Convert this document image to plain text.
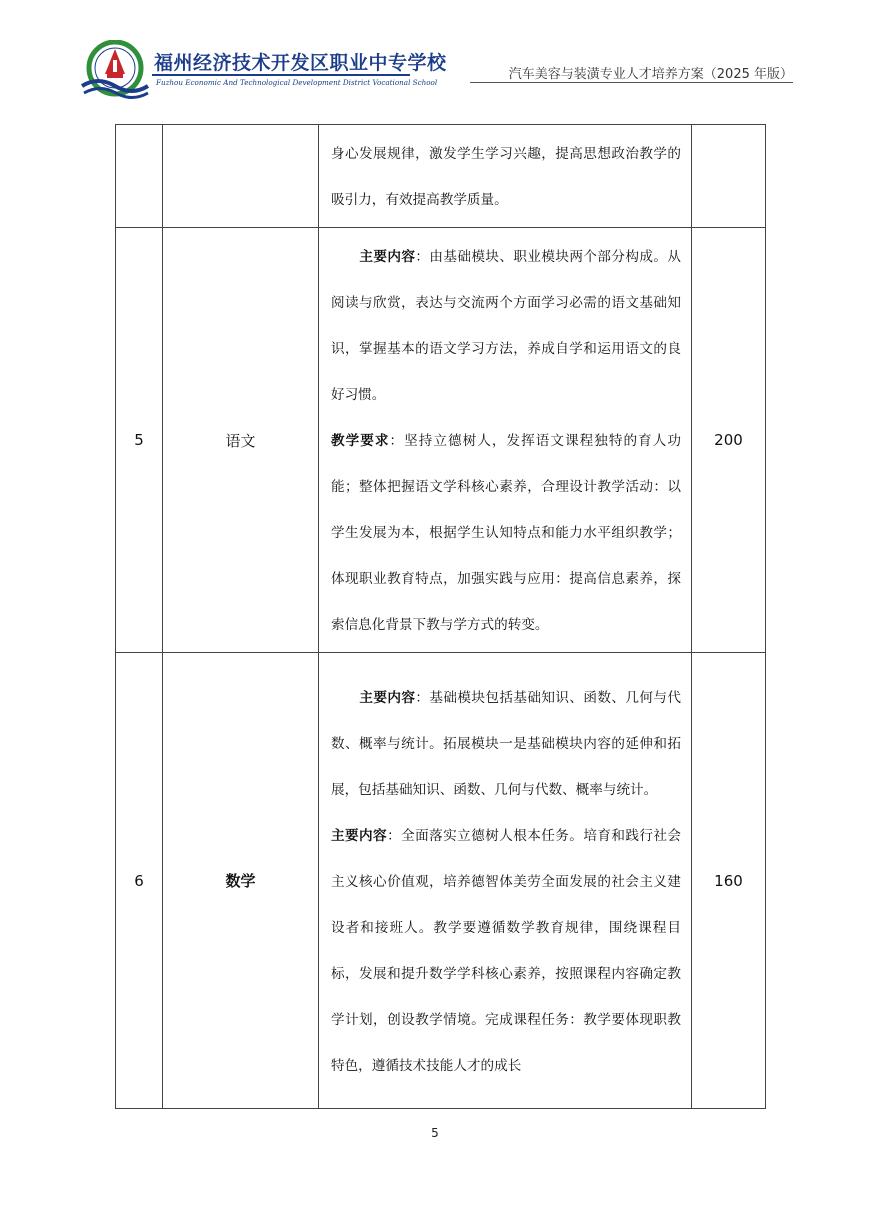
福州经济技术开发区职业中专学校
Fuzhou Economic And Technological Development District Vocational School
汽车美容与装潢专业人才培养方案（2025 年版）

		身心发展规律，激发学生学习兴趣，提高思想政治教学的吸引力，有效提高教学质量。	

5	语文	主要内容：由基础模块、职业模块两个部分构成。从阅读与欣赏，表达与交流两个方面学习必需的语文基础知识，掌握基本的语文学习方法，养成自学和运用语文的良好习惯。
教学要求：坚持立德树人，发挥语文课程独特的育人功能；整体把握语文学科核心素养，合理设计教学活动：以学生发展为本，根据学生认知特点和能力水平组织教学；体现职业教育特点，加强实践与应用：提高信息素养，探索信息化背景下教与学方式的转变。	200
6	数学	主要内容：基础模块包括基础知识、函数、几何与代数、概率与统计。拓展模块一是基础模块内容的延伸和拓展，包括基础知识、函数、几何与代数、概率与统计。
主要内容：全面落实立德树人根本任务。培育和践行社会主义核心价值观，培养德智体美劳全面发展的社会主义建设者和接班人。教学要遵循数学教育规律，围绕课程目标，发展和提升数学学科核心素养，按照课程内容确定教学计划，创设教学情境。完成课程任务：教学要体现职教特色，遵循技术技能人才的成长	160
5
